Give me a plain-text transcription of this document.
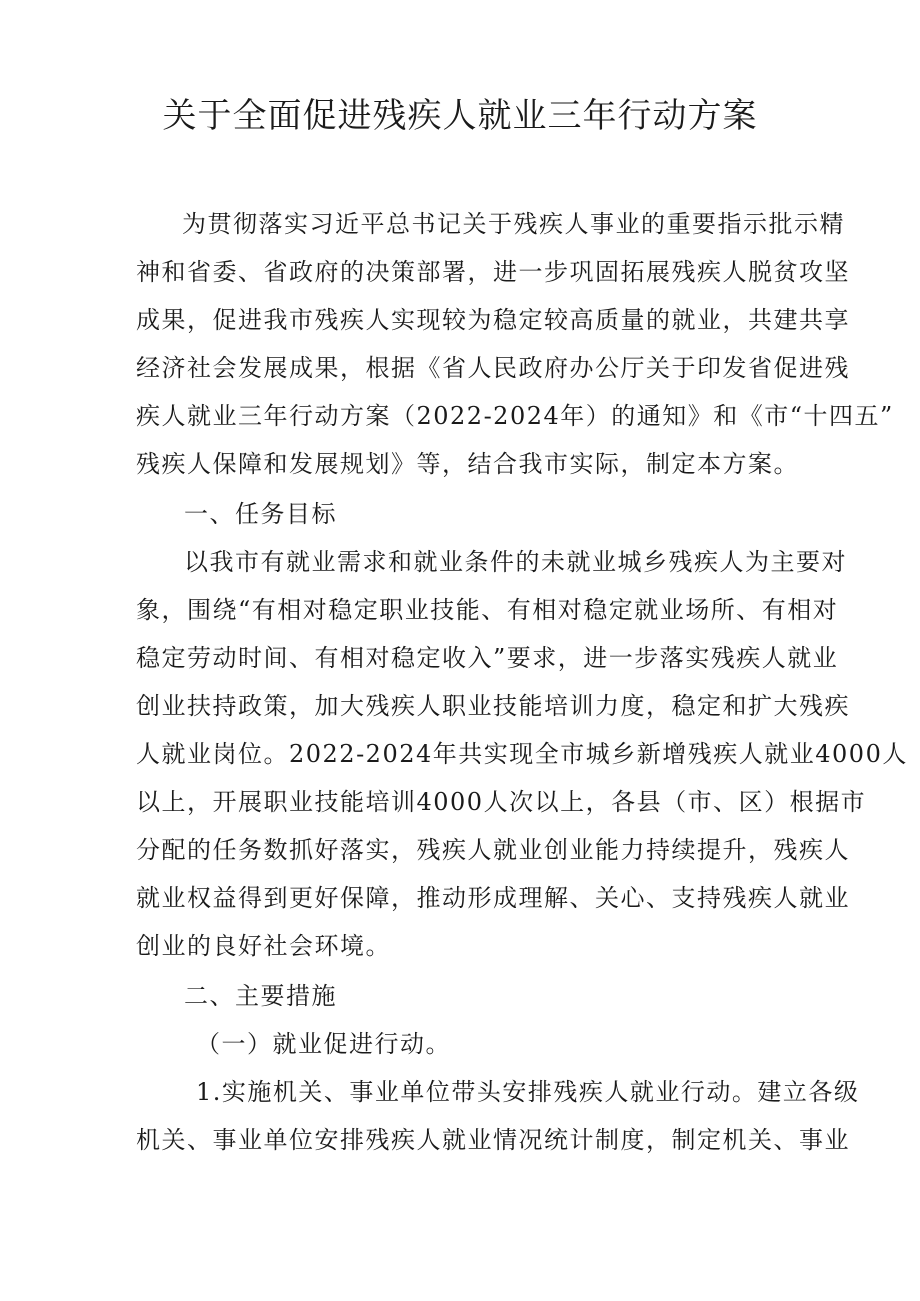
关于全面促进残疾人就业三年行动方案
为贯彻落实习近平总书记关于残疾人事业的重要指示批示精
神和省委、省政府的决策部署，进一步巩固拓展残疾人脱贫攻坚
成果，促进我市残疾人实现较为稳定较高质量的就业，共建共享
经济社会发展成果，根据《省人民政府办公厅关于印发省促进残
疾人就业三年行动方案（2022-2024年）的通知》和《市“十四五”
残疾人保障和发展规划》等，结合我市实际，制定本方案。
一、任务目标
以我市有就业需求和就业条件的未就业城乡残疾人为主要对
象，围绕“有相对稳定职业技能、有相对稳定就业场所、有相对
稳定劳动时间、有相对稳定收入”要求，进一步落实残疾人就业
创业扶持政策，加大残疾人职业技能培训力度，稳定和扩大残疾
人就业岗位。2022-2024年共实现全市城乡新增残疾人就业4000人
以上，开展职业技能培训4000人次以上，各县（市、区）根据市
分配的任务数抓好落实，残疾人就业创业能力持续提升，残疾人
就业权益得到更好保障，推动形成理解、关心、支持残疾人就业
创业的良好社会环境。
二、主要措施
（一）就业促进行动。
1.实施机关、事业单位带头安排残疾人就业行动。建立各级
机关、事业单位安排残疾人就业情况统计制度，制定机关、事业
